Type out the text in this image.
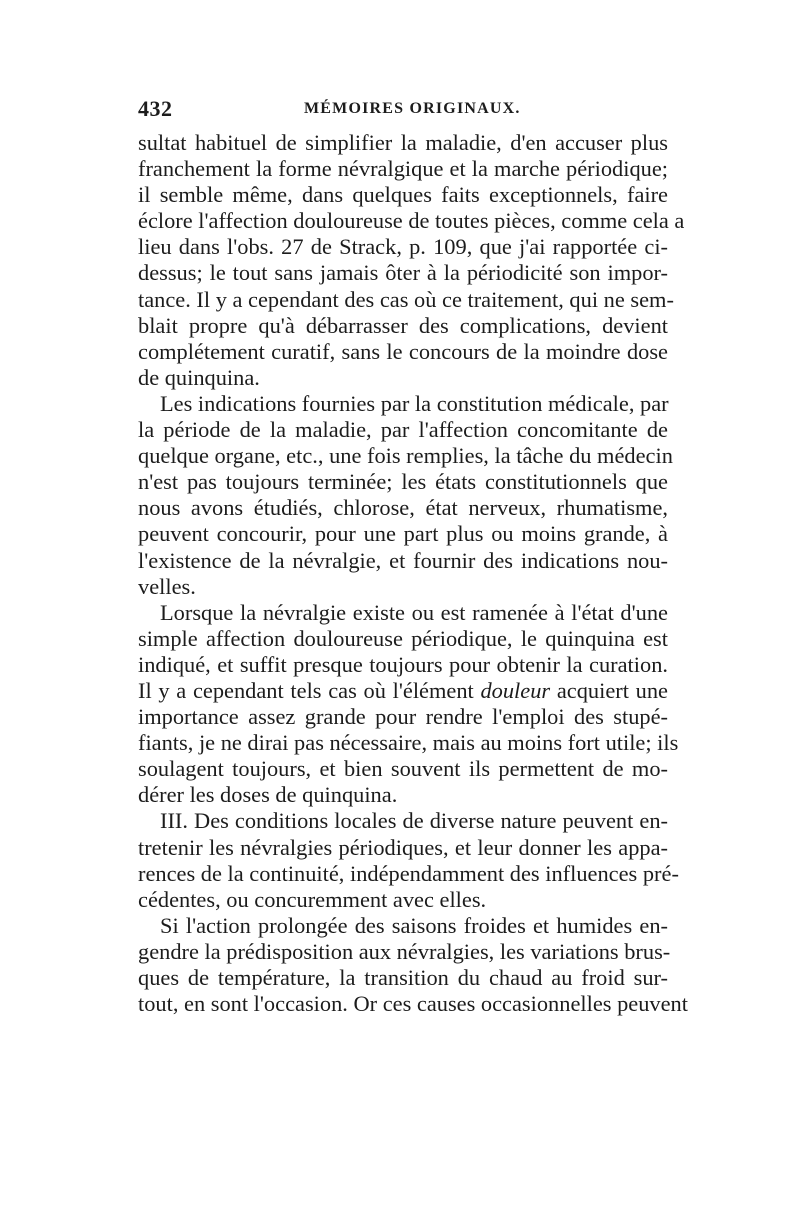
432	MÉMOIRES ORIGINAUX.
sultat habituel de simplifier la maladie, d'en accuser plus
franchement la forme névralgique et la marche périodique;
il semble même, dans quelques faits exceptionnels, faire
éclore l'affection douloureuse de toutes pièces, comme cela a
lieu dans l'obs. 27 de Strack, p. 109, que j'ai rapportée ci-
dessus; le tout sans jamais ôter à la périodicité son impor-
tance. Il y a cependant des cas où ce traitement, qui ne sem-
blait propre qu'à débarrasser des complications, devient
complétement curatif, sans le concours de la moindre dose
de quinquina.
Les indications fournies par la constitution médicale, par
la période de la maladie, par l'affection concomitante de
quelque organe, etc., une fois remplies, la tâche du médecin
n'est pas toujours terminée; les états constitutionnels que
nous avons étudiés, chlorose, état nerveux, rhumatisme,
peuvent concourir, pour une part plus ou moins grande, à
l'existence de la névralgie, et fournir des indications nou-
velles.
Lorsque la névralgie existe ou est ramenée à l'état d'une
simple affection douloureuse périodique, le quinquina est
indiqué, et suffit presque toujours pour obtenir la curation.
Il y a cependant tels cas où l'élément douleur acquiert une
importance assez grande pour rendre l'emploi des stupé-
fiants, je ne dirai pas nécessaire, mais au moins fort utile; ils
soulagent toujours, et bien souvent ils permettent de mo-
dérer les doses de quinquina.
III. Des conditions locales de diverse nature peuvent en-
tretenir les névralgies périodiques, et leur donner les appa-
rences de la continuité, indépendamment des influences pré-
cédentes, ou concuremment avec elles.
Si l'action prolongée des saisons froides et humides en-
gendre la prédisposition aux névralgies, les variations brus-
ques de température, la transition du chaud au froid sur-
tout, en sont l'occasion. Or ces causes occasionnelles peuvent
